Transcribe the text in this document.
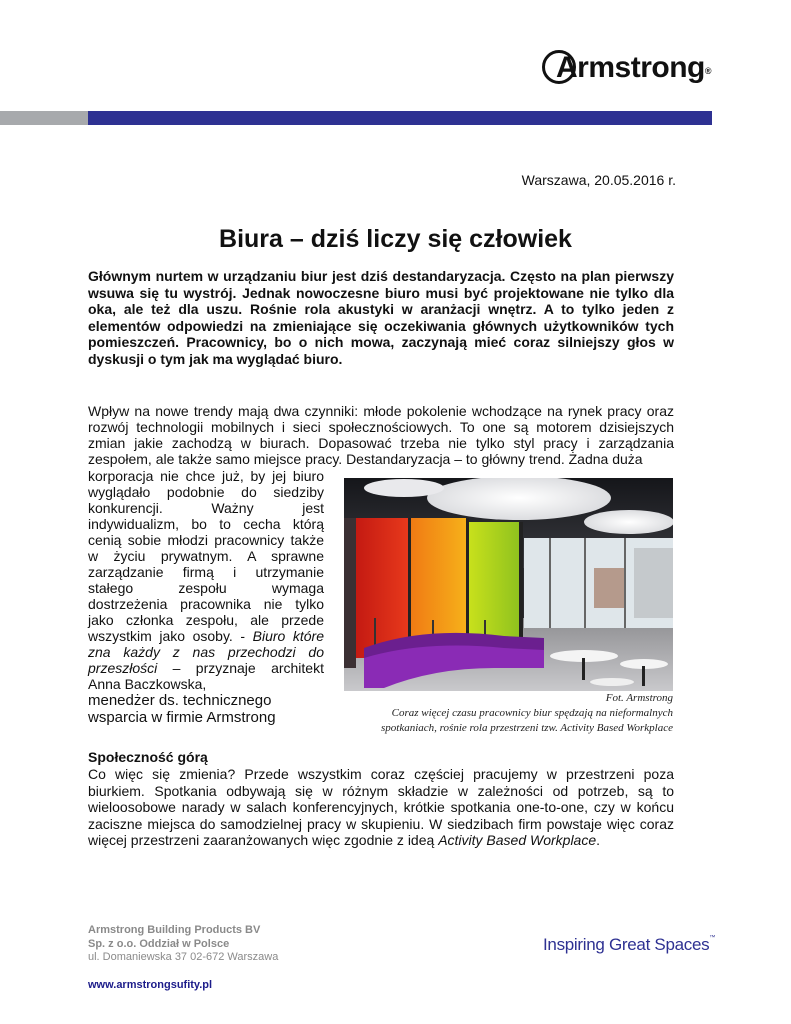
Armstrong®
Warszawa, 20.05.2016 r.
Biura – dziś liczy się człowiek
Głównym nurtem w urządzaniu biur jest dziś destandaryzacja. Często na plan pierwszy wsuwa się tu wystrój. Jednak nowoczesne biuro musi być projektowane nie tylko dla oka, ale też dla uszu. Rośnie rola akustyki w aranżacji wnętrz. A to tylko jeden z elementów odpowiedzi na zmieniające się oczekiwania głównych użytkowników tych pomieszczeń. Pracownicy, bo o nich mowa, zaczynają mieć coraz silniejszy głos w dyskusji o tym jak ma wyglądać biuro.
Wpływ na nowe trendy mają dwa czynniki: młode pokolenie wchodzące na rynek pracy oraz rozwój technologii mobilnych i sieci społecznościowych. To one są motorem dzisiejszych zmian jakie zachodzą w biurach. Dopasować trzeba nie tylko styl pracy i zarządzania zespołem, ale także samo miejsce pracy. Destandaryzacja – to główny trend. Żadna duża
korporacja nie chce już, by jej biuro wyglądało podobnie do siedziby konkurencji. Ważny jest indywidualizm, bo to cecha którą cenią sobie młodzi pracownicy także w życiu prywatnym. A sprawne zarządzanie firmą i utrzymanie stałego zespołu wymaga dostrzeżenia pracownika nie tylko jako członka zespołu, ale przede wszystkim jako osoby. - Biuro które zna każdy z nas przechodzi do przeszłości – przyznaje architekt Anna Baczkowska,
menedżer ds. technicznego wsparcia w firmie Armstrong
Fot. Armstrong
Coraz więcej czasu pracownicy biur spędzają na nieformalnych spotkaniach, rośnie rola przestrzeni tzw. Activity Based Workplace
Społeczność górą
Co więc się zmienia? Przede wszystkim coraz częściej pracujemy w przestrzeni poza biurkiem. Spotkania odbywają się w różnym składzie w zależności od potrzeb, są to wieloosobowe narady w salach konferencyjnych, krótkie spotkania one-to-one, czy w końcu zaciszne miejsca do samodzielnej pracy w skupieniu. W siedzibach firm powstaje więc coraz więcej przestrzeni zaaranżowanych więc zgodnie z ideą Activity Based Workplace.
Armstrong Building Products BV
Sp. z o.o. Oddział w Polsce
ul. Domaniewska 37 02-672 Warszawa
www.armstrongsufity.pl
Inspiring Great Spaces™
